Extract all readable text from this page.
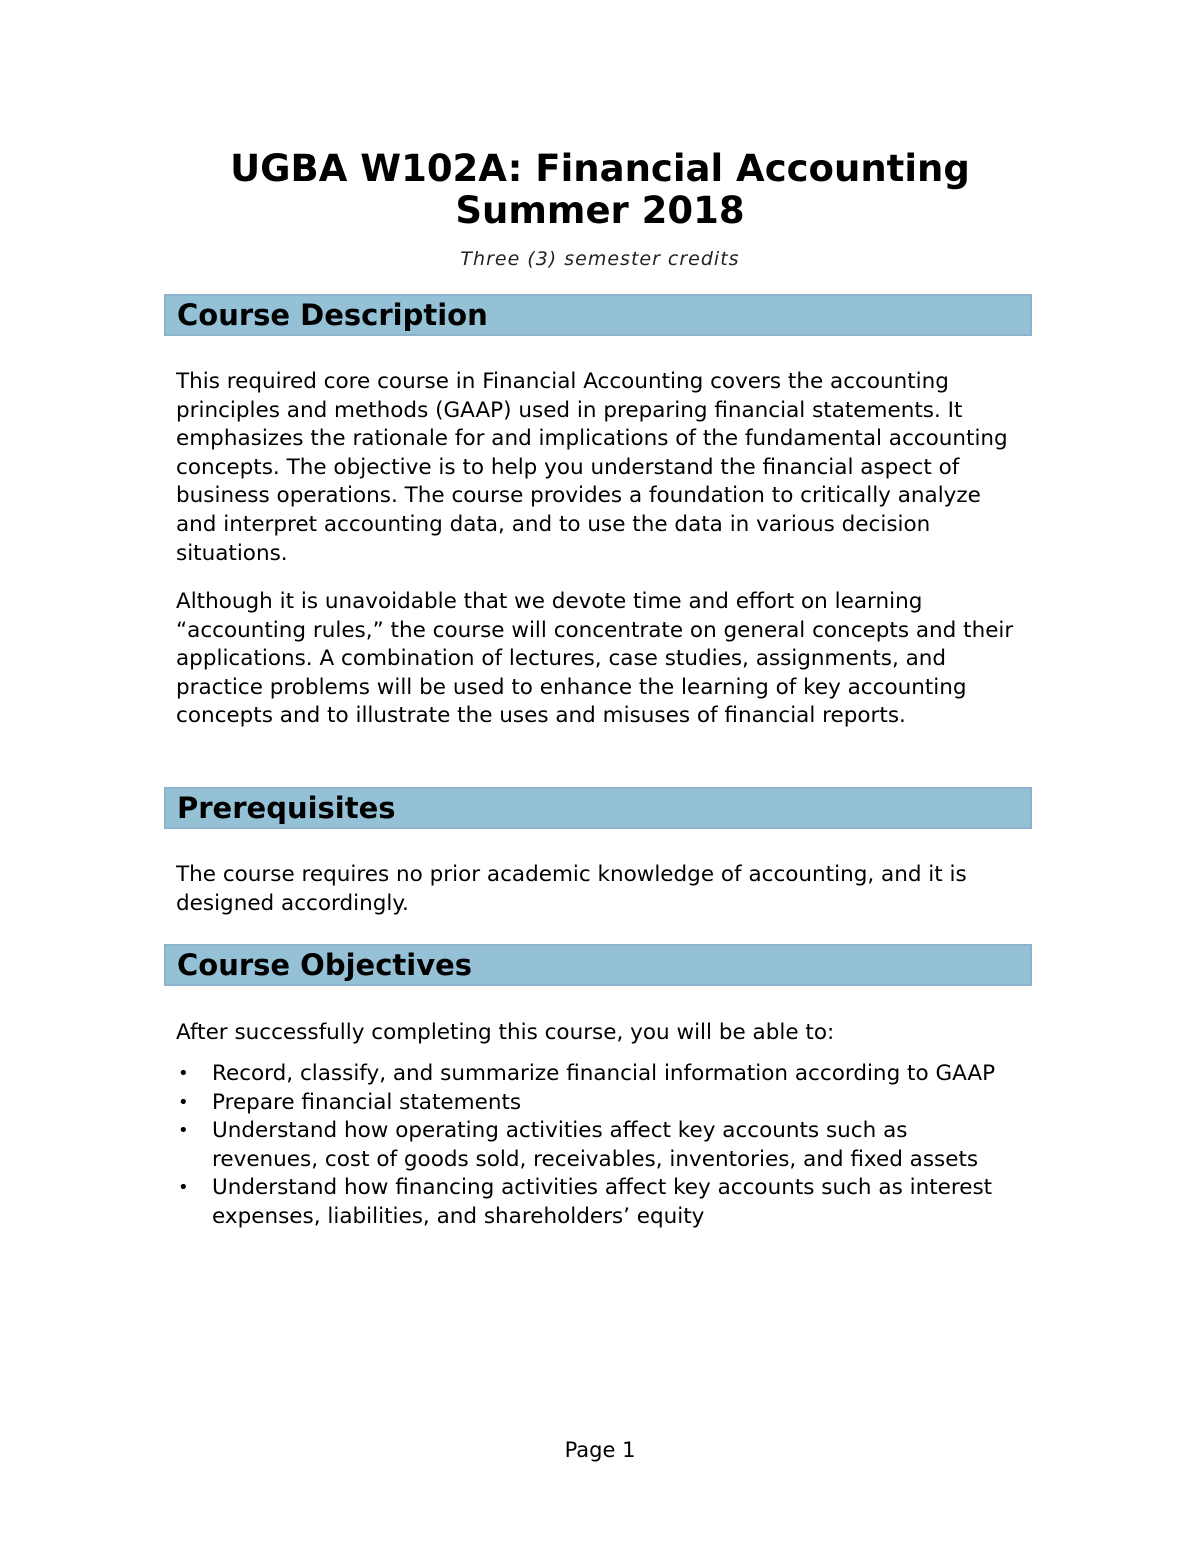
UGBA W102A: Financial Accounting
Summer 2018
Three (3) semester credits
Course Description

This required core course in Financial Accounting covers the accounting principles and methods (GAAP) used in preparing financial statements. It emphasizes the rationale for and implications of the fundamental accounting concepts. The objective is to help you understand the financial aspect of business operations. The course provides a foundation to critically analyze and interpret accounting data, and to use the data in various decision situations.

Although it is unavoidable that we devote time and effort on learning “accounting rules,” the course will concentrate on general concepts and their applications. A combination of lectures, case studies, assignments, and practice problems will be used to enhance the learning of key accounting concepts and to illustrate the uses and misuses of financial reports.

Prerequisites

The course requires no prior academic knowledge of accounting, and it is designed accordingly.

Course Objectives

After successfully completing this course, you will be able to:

•	Record, classify, and summarize financial information according to GAAP
•	Prepare financial statements
•	Understand how operating activities affect key accounts such as revenues, cost of goods sold, receivables, inventories, and fixed assets
•	Understand how financing activities affect key accounts such as interest expenses, liabilities, and shareholders’ equity
Page 1
